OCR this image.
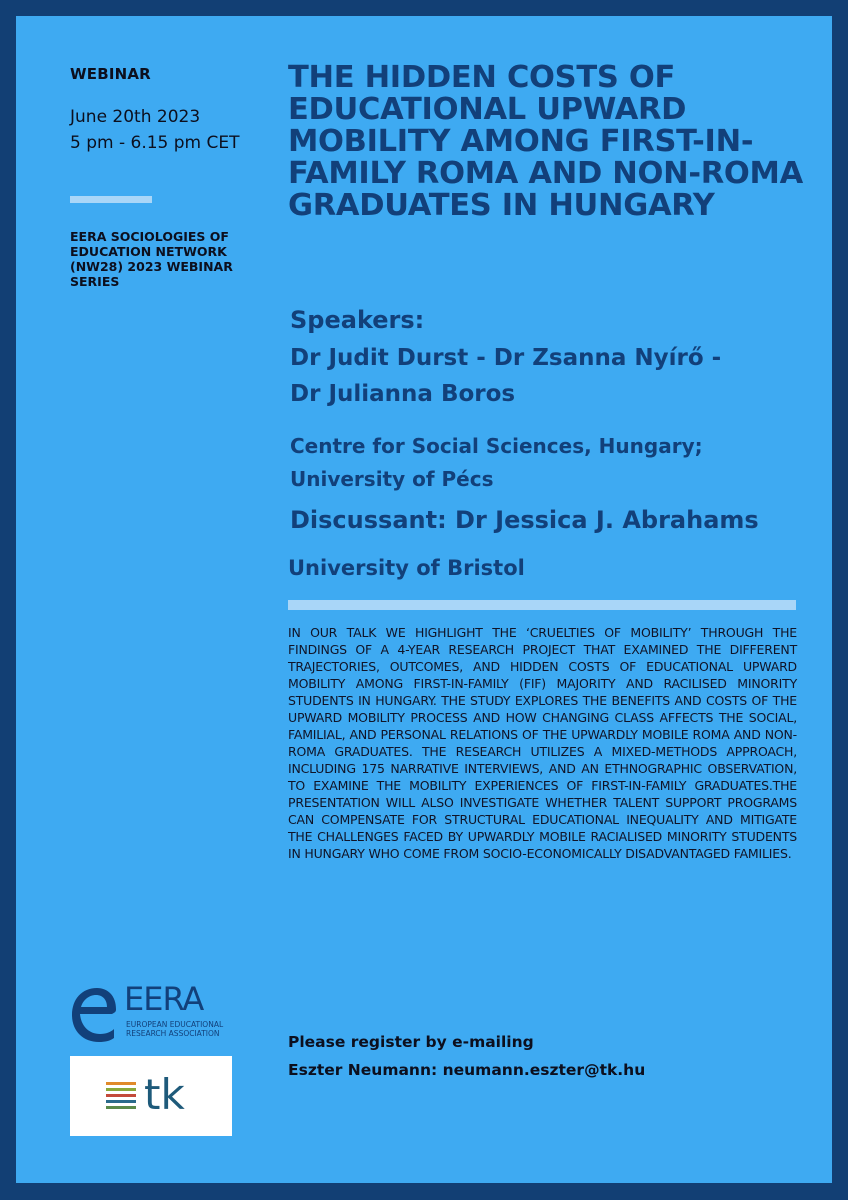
WEBINAR
June 20th 2023
5 pm - 6.15 pm CET
EERA SOCIOLOGIES OF EDUCATION NETWORK (NW28) 2023 WEBINAR SERIES
THE HIDDEN COSTS OF EDUCATIONAL UPWARD MOBILITY AMONG FIRST-IN-FAMILY ROMA AND NON-ROMA GRADUATES IN HUNGARY
Speakers:
Dr Judit Durst - Dr Zsanna Nyírő -
Dr Julianna Boros
Centre for Social Sciences, Hungary;
University of Pécs
Discussant: Dr Jessica J. Abrahams
University of Bristol
IN OUR TALK WE HIGHLIGHT THE ‘CRUELTIES OF MOBILITY’ THROUGH THE FINDINGS OF A 4-YEAR RESEARCH PROJECT THAT EXAMINED THE DIFFERENT TRAJECTORIES, OUTCOMES, AND HIDDEN COSTS OF EDUCATIONAL UPWARD MOBILITY AMONG FIRST-IN-FAMILY (FIF) MAJORITY AND RACILISED MINORITY STUDENTS IN HUNGARY. THE STUDY EXPLORES THE BENEFITS AND COSTS OF THE UPWARD MOBILITY PROCESS AND HOW CHANGING CLASS AFFECTS THE SOCIAL, FAMILIAL, AND PERSONAL RELATIONS OF THE UPWARDLY MOBILE ROMA AND NON-ROMA GRADUATES. THE RESEARCH UTILIZES A MIXED-METHODS APPROACH, INCLUDING 175 NARRATIVE INTERVIEWS, AND AN ETHNOGRAPHIC OBSERVATION, TO EXAMINE THE MOBILITY EXPERIENCES OF FIRST-IN-FAMILY GRADUATES.THE PRESENTATION WILL ALSO INVESTIGATE WHETHER TALENT SUPPORT PROGRAMS CAN COMPENSATE FOR STRUCTURAL EDUCATIONAL INEQUALITY AND MITIGATE THE CHALLENGES FACED BY UPWARDLY MOBILE RACIALISED MINORITY STUDENTS IN HUNGARY WHO COME FROM SOCIO-ECONOMICALLY DISADVANTAGED FAMILIES.
Please register by e-mailing
Eszter Neumann: neumann.eszter@tk.hu
EERA
EUROPEAN EDUCATIONAL
RESEARCH ASSOCIATION
tk
